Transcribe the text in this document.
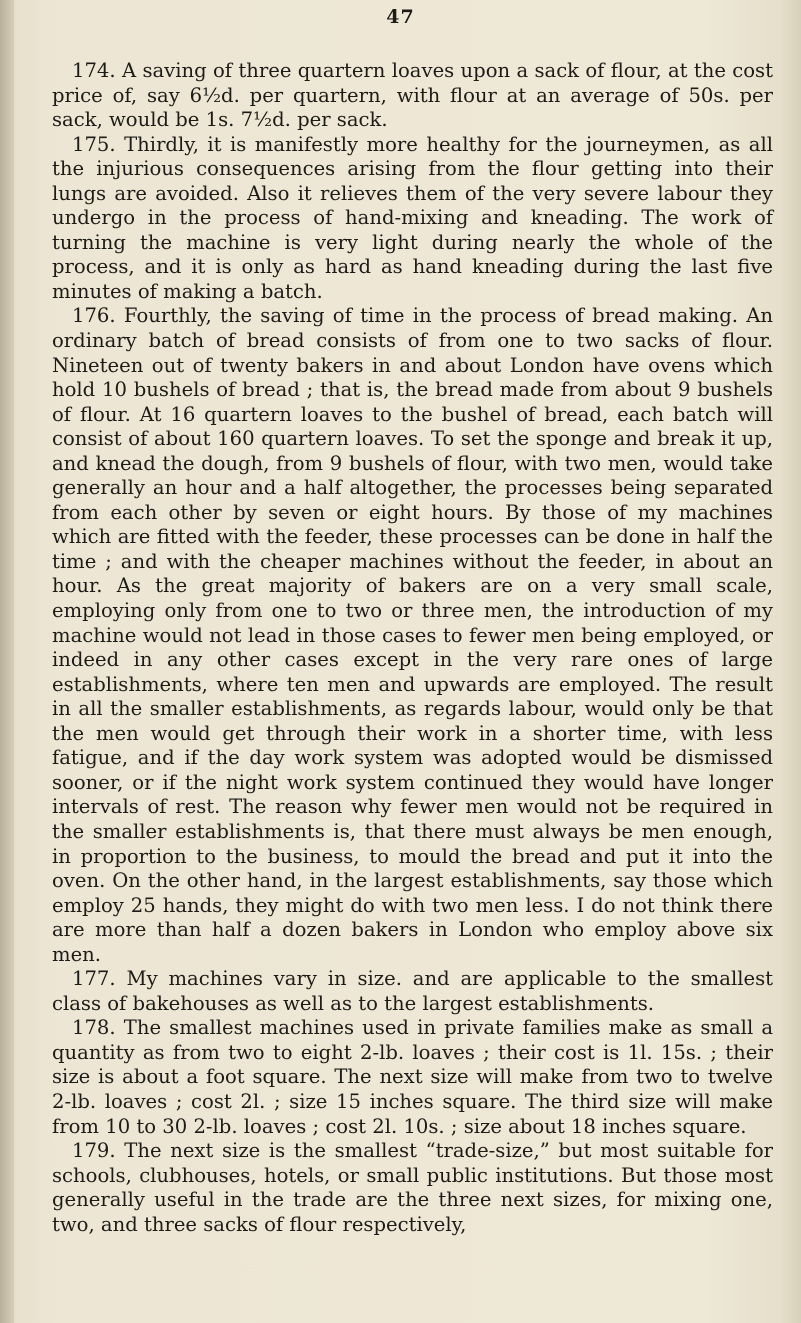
47

174. A saving of three quartern loaves upon a sack of flour, at the cost price of, say 6½d. per quartern, with flour at an average of 50s. per sack, would be 1s. 7½d. per sack.

175. Thirdly, it is manifestly more healthy for the journeymen, as all the injurious consequences arising from the flour getting into their lungs are avoided. Also it relieves them of the very severe labour they undergo in the process of hand-mixing and kneading. The work of turning the machine is very light during nearly the whole of the process, and it is only as hard as hand kneading during the last five minutes of making a batch.

176. Fourthly, the saving of time in the process of bread making. An ordinary batch of bread consists of from one to two sacks of flour. Nineteen out of twenty bakers in and about London have ovens which hold 10 bushels of bread ; that is, the bread made from about 9 bushels of flour. At 16 quartern loaves to the bushel of bread, each batch will consist of about 160 quartern loaves. To set the sponge and break it up, and knead the dough, from 9 bushels of flour, with two men, would take generally an hour and a half altogether, the processes being separated from each other by seven or eight hours. By those of my machines which are fitted with the feeder, these processes can be done in half the time ; and with the cheaper machines without the feeder, in about an hour. As the great majority of bakers are on a very small scale, employing only from one to two or three men, the introduction of my machine would not lead in those cases to fewer men being employed, or indeed in any other cases except in the very rare ones of large establishments, where ten men and upwards are employed. The result in all the smaller establishments, as regards labour, would only be that the men would get through their work in a shorter time, with less fatigue, and if the day work system was adopted would be dismissed sooner, or if the night work system continued they would have longer intervals of rest. The reason why fewer men would not be required in the smaller establishments is, that there must always be men enough, in proportion to the business, to mould the bread and put it into the oven. On the other hand, in the largest establishments, say those which employ 25 hands, they might do with two men less. I do not think there are more than half a dozen bakers in London who employ above six men.

177. My machines vary in size. and are applicable to the smallest class of bakehouses as well as to the largest establishments.

178. The smallest machines used in private families make as small a quantity as from two to eight 2-lb. loaves ; their cost is 1l. 15s. ; their size is about a foot square. The next size will make from two to twelve 2-lb. loaves ; cost 2l. ; size 15 inches square. The third size will make from 10 to 30 2-lb. loaves ; cost 2l. 10s. ; size about 18 inches square.

179. The next size is the smallest “trade-size,” but most suitable for schools, clubhouses, hotels, or small public institutions. But those most generally useful in the trade are the three next sizes, for mixing one, two, and three sacks of flour respectively,
